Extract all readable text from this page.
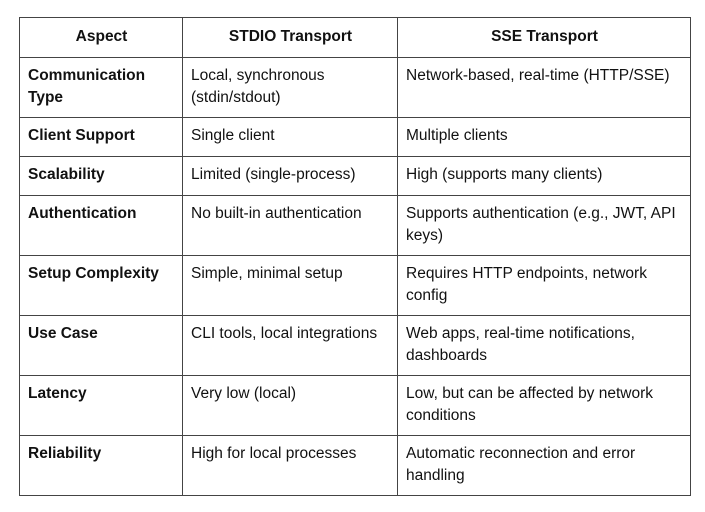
Aspect	STDIO Transport	SSE Transport
Communication Type	Local, synchronous (stdin/stdout)	Network-based, real-time (HTTP/SSE)
Client Support	Single client	Multiple clients
Scalability	Limited (single-process)	High (supports many clients)
Authentication	No built-in authentication	Supports authentication (e.g., JWT, API keys)
Setup Complexity	Simple, minimal setup	Requires HTTP endpoints, network config
Use Case	CLI tools, local integrations	Web apps, real-time notifications, dashboards
Latency	Very low (local)	Low, but can be affected by network conditions
Reliability	High for local processes	Automatic reconnection and error handling
